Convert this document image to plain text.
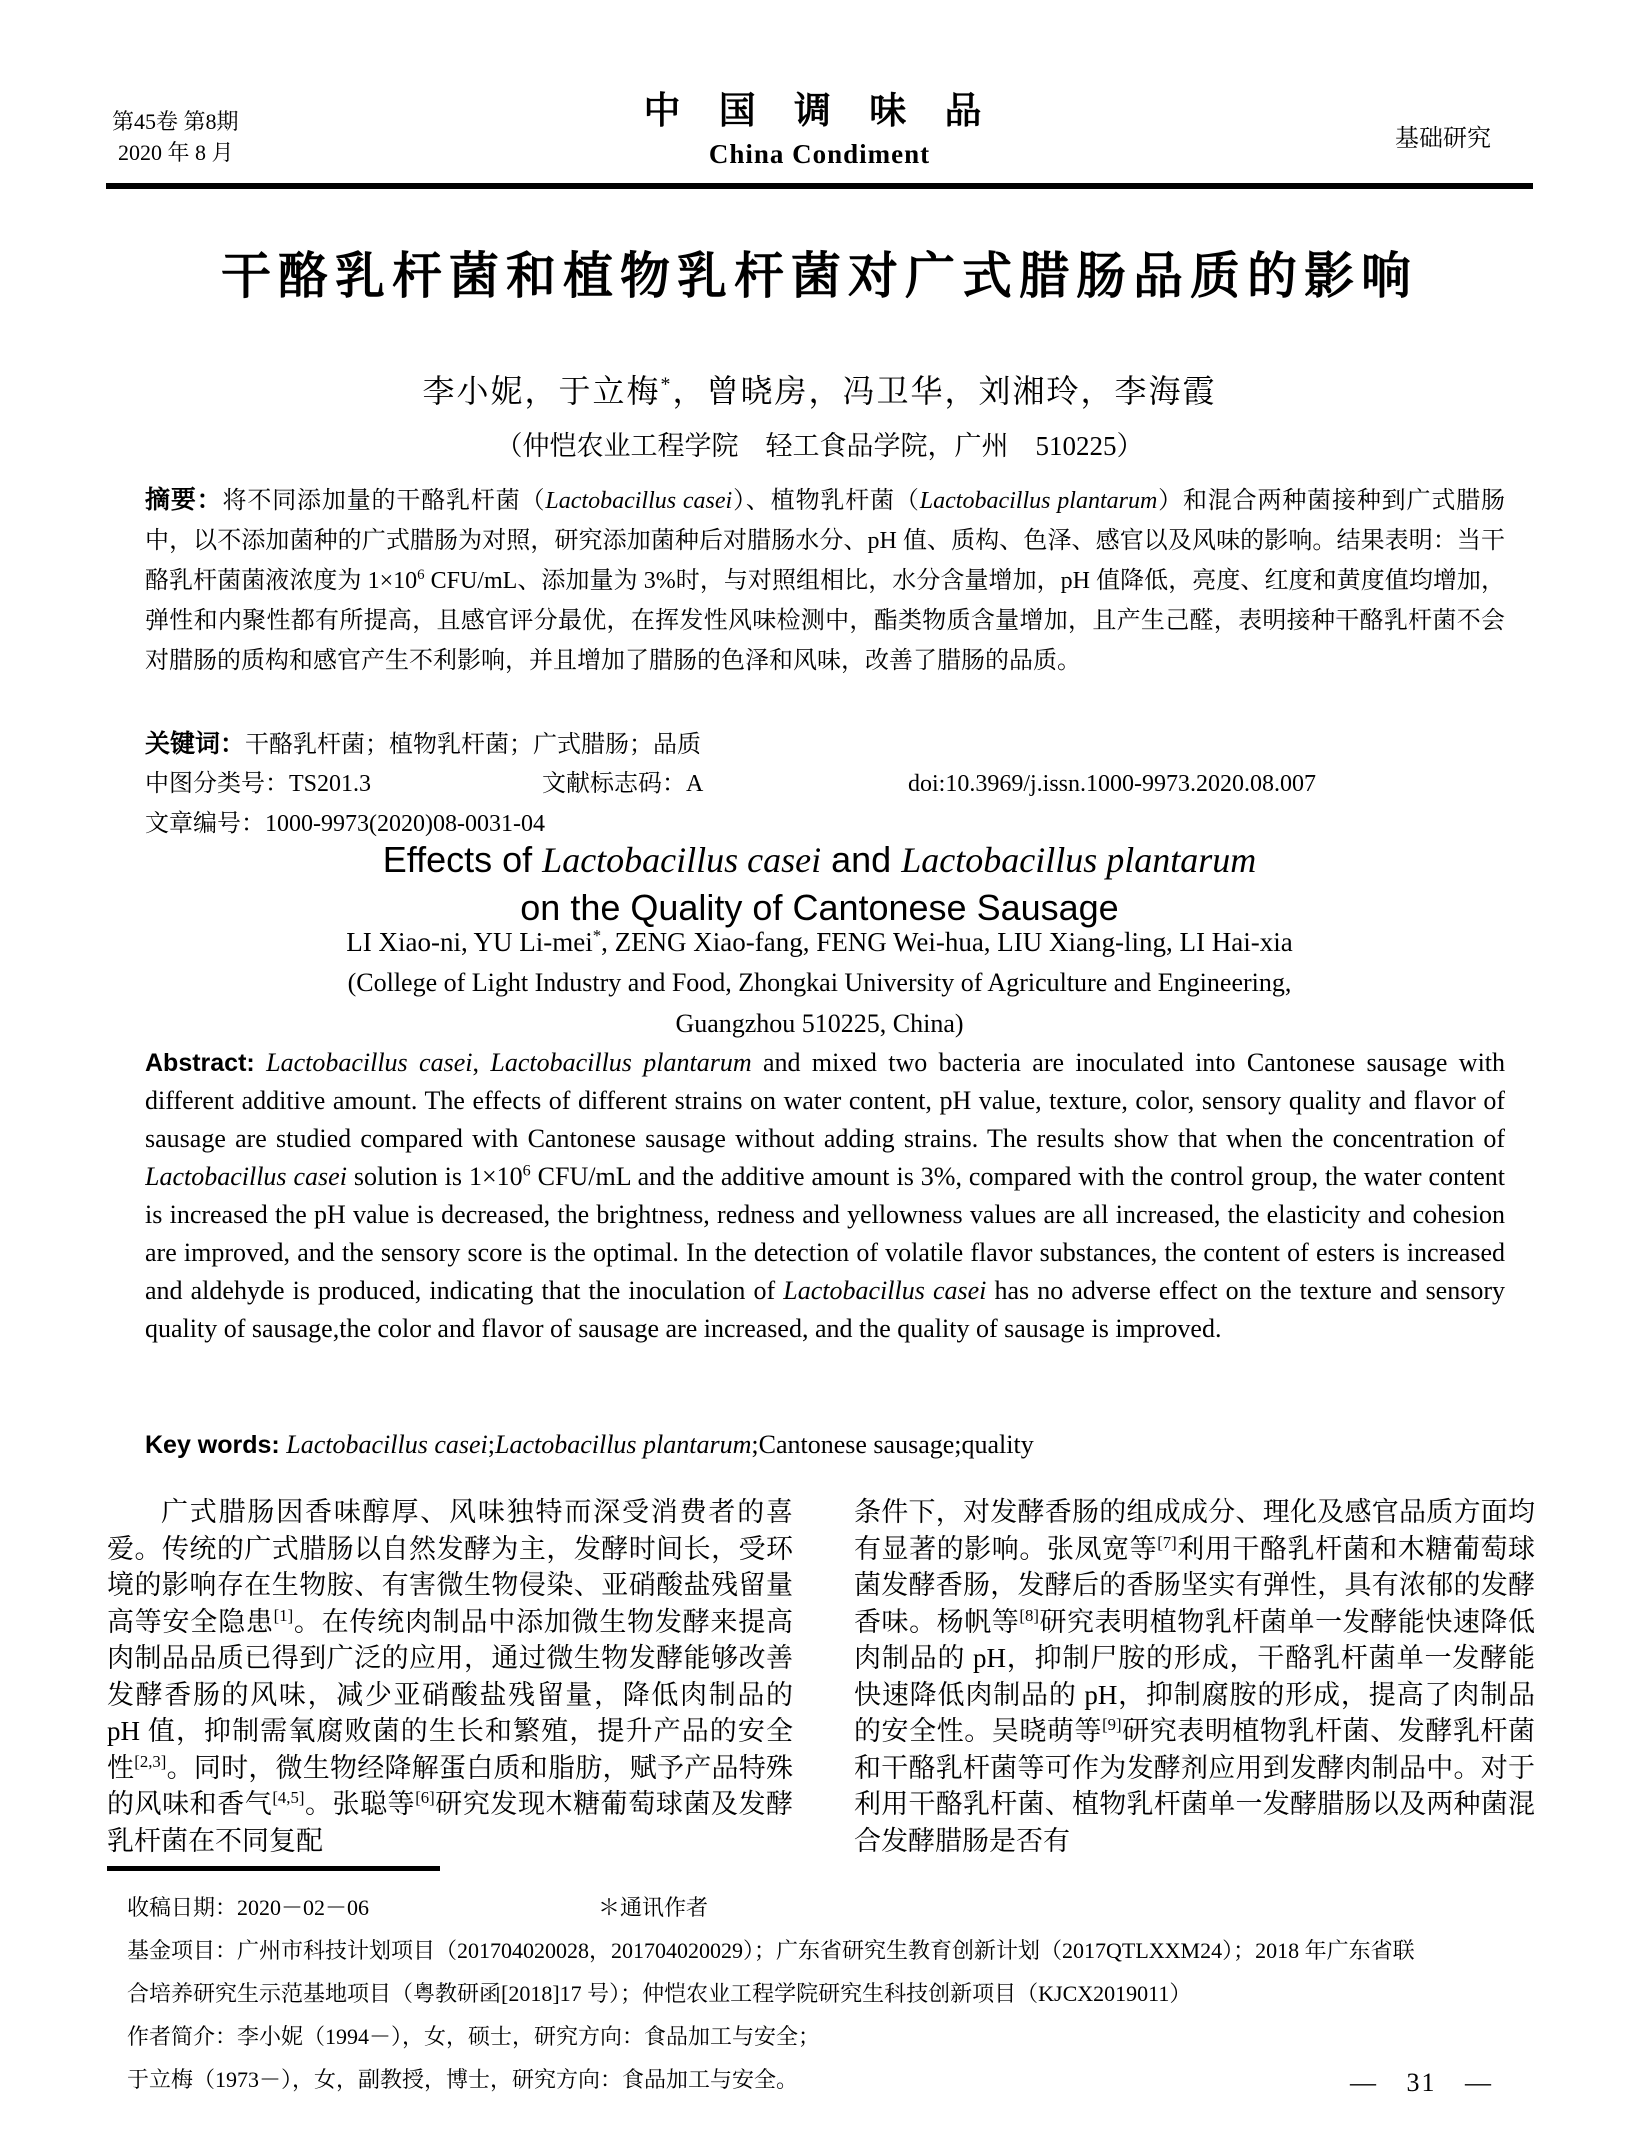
第45卷 第8期
2020 年 8 月
中 国 调 味 品
China Condiment	基础研究
干酪乳杆菌和植物乳杆菌对广式腊肠品质的影响
李小妮，于立梅*，曾晓房，冯卫华，刘湘玲，李海霞
（仲恺农业工程学院　轻工食品学院，广州　510225）
摘要：将不同添加量的干酪乳杆菌（Lactobacillus casei）、植物乳杆菌（Lactobacillus plantarum）和混合两种菌接种到广式腊肠中，以不添加菌种的广式腊肠为对照，研究添加菌种后对腊肠水分、pH 值、质构、色泽、感官以及风味的影响。结果表明：当干酪乳杆菌菌液浓度为 $1\times 10^6$ CFU/mL、添加量为 3%时，与对照组相比，水分含量增加，pH 值降低，亮度、红度和黄度值均增加，弹性和内聚性都有所提高，且感官评分最优，在挥发性风味检测中，酯类物质含量增加，且产生己醛，表明接种干酪乳杆菌不会对腊肠的质构和感官产生不利影响，并且增加了腊肠的色泽和风味，改善了腊肠的品质。
关键词：干酪乳杆菌；植物乳杆菌；广式腊肠；品质
中图分类号：TS201.3	文献标志码：A	doi:10.3969/j.issn.1000-9973.2020.08.007
文章编号：1000-9973(2020)08-0031-04
Effects of Lactobacillus casei and Lactobacillus plantarum
on the Quality of Cantonese Sausage
LI Xiao-ni, YU Li-mei*, ZENG Xiao-fang, FENG Wei-hua, LIU Xiang-ling, LI Hai-xia
(College of Light Industry and Food, Zhongkai University of Agriculture and Engineering,
Guangzhou 510225, China)
Abstract: Lactobacillus casei, Lactobacillus plantarum and mixed two bacteria are inoculated into Cantonese sausage with different additive amount. The effects of different strains on water content, pH value, texture, color, sensory quality and flavor of sausage are studied compared with Cantonese sausage without adding strains. The results show that when the concentration of Lactobacillus casei solution is $1\times 10^6$ CFU/mL and the additive amount is 3%, compared with the control group, the water content is increased the pH value is decreased, the brightness, redness and yellowness values are all increased, the elasticity and cohesion are improved, and the sensory score is the optimal. In the detection of volatile flavor substances, the content of esters is increased and aldehyde is produced, indicating that the inoculation of Lactobacillus casei has no adverse effect on the texture and sensory quality of sausage,the color and flavor of sausage are increased, and the quality of sausage is improved.
Key words: Lactobacillus casei;Lactobacillus plantarum;Cantonese sausage;quality

广式腊肠因香味醇厚、风味独特而深受消费者的喜爱。传统的广式腊肠以自然发酵为主，发酵时间长，受环境的影响存在生物胺、有害微生物侵染、亚硝酸盐残留量高等安全隐患[1]。在传统肉制品中添加微生物发酵来提高肉制品品质已得到广泛的应用，通过微生物发酵能够改善发酵香肠的风味，减少亚硝酸盐残留量，降低肉制品的 pH 值，抑制需氧腐败菌的生长和繁殖，提升产品的安全性[2,3]。同时，微生物经降解蛋白质和脂肪，赋予产品特殊的风味和香气[4,5]。张聪等[6]研究发现木糖葡萄球菌及发酵乳杆菌在不同复配

条件下，对发酵香肠的组成成分、理化及感官品质方面均有显著的影响。张凤宽等[7]利用干酪乳杆菌和木糖葡萄球菌发酵香肠，发酵后的香肠坚实有弹性，具有浓郁的发酵香味。杨帆等[8]研究表明植物乳杆菌单一发酵能快速降低肉制品的 pH，抑制尸胺的形成，干酪乳杆菌单一发酵能快速降低肉制品的 pH，抑制腐胺的形成，提高了肉制品的安全性。吴晓萌等[9]研究表明植物乳杆菌、发酵乳杆菌和干酪乳杆菌等可作为发酵剂应用到发酵肉制品中。对于利用干酪乳杆菌、植物乳杆菌单一发酵腊肠以及两种菌混合发酵腊肠是否有

收稿日期：2020－02－06	＊通讯作者
基金项目：广州市科技计划项目（201704020028，201704020029）；广东省研究生教育创新计划（2017QTLXXM24）；2018 年广东省联
合培养研究生示范基地项目（粤教研函[2018]17 号）；仲恺农业工程学院研究生科技创新项目（KJCX2019011）
作者简介：李小妮（1994－），女，硕士，研究方向：食品加工与安全；
于立梅（1973－），女，副教授，博士，研究方向：食品加工与安全。	— 31 —
